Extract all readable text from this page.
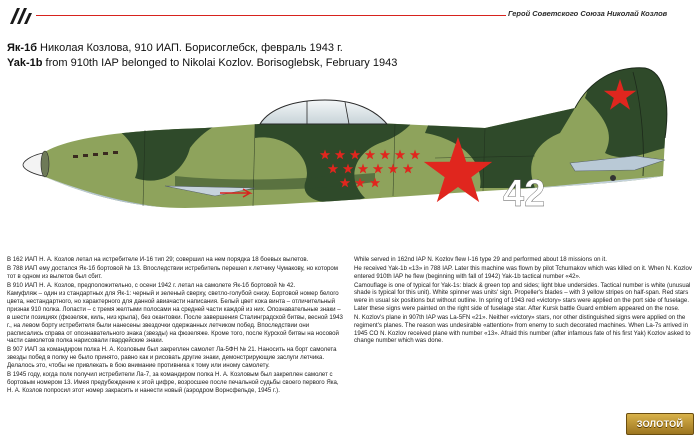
Герой Советского Союза Николай Козлов
Як-1б Николая Козлова, 910 ИАП. Борисоглебск, февраль 1943 г.
Yak-1b from 910th IAP belonged to Nikolai Kozlov. Borisoglebsk, February 1943
42

В 162 ИАП Н. А. Козлов летал на истребителе И-16 тип 29; совершил на нем порядка 18 боевых вылетов.

В 788 ИАП ему достался Як-1б бортовой № 13. Впоследствии истребитель перешел к летчику Чумакову, но котором тот в одном из вылетов был сбит.

В 910 ИАП Н. А. Козлов, предположительно, с осени 1942 г. летал на самолете Як-1б бортовой № 42.

Камуфляж – один из стандартных для Як-1: черный и зеленый сверху, светло-голубой снизу. Бортовой номер белого цвета, нестандартного, но характерного для данной авиачасти написания. Белый цвет кока винта – отличительный признак 910 полка. Лопасти – с тремя желтыми полосами на средней части каждой из них. Опознавательные знаки – в шести позициях (фюзеляж, киль, низ крыла), без окантовки. После завершения Сталинградской битвы, весной 1943 г., на левом борту истребителя были нанесены звездочки одержанных летчиком побед. Впоследствии они расписались справа от опознавательного знака (звезды) на фюзеляже. Кроме того, после Курской битвы на носовой части самолетов полка нарисовали гвардейские знаки.

В 907 ИАП за командиром полка Н. А. Козловым был закреплен самолет Ла-5ФН № 21. Наносить на борт самолета звезды побед в полку не было принято, равно как и рисовать другие знаки, демонстрирующие заслуги летчика. Делалось это, чтобы не привлекать в бою внимание противника к тому или иному самолету.

В 1945 году, когда полк получил истребители Ла-7, за командиром полка Н. А. Козловым был закреплен самолет с бортовым номером 13. Имея предубеждение к этой цифре, возросшее после печальной судьбы своего первого Яка, Н. А. Козлов попросил этот номер закрасить и нанести новый (аэродром Ворнсфельде, 1945 г.).

While served in 162nd IAP N. Kozlov flew I-16 type 29 and performed about 18 missions on it.

He received Yak-1b «13» in 788 IAP. Later this machine was flown by pilot Tchumakov which was killed on it. When N. Kozlov entered 910th IAP he flew (beginning with fall of 1942) Yak-1b tactical number «42».

Camouflage is one of typical for Yak-1s: black & green top and sides; light blue undersides. Tactical number is white (unusual shade is typical for this unit). White spinner was units' sign. Propeller's blades – with 3 yellow stripes on half-span. Red stars were in usual six positions but without outline. In spring of 1943 red «victory» stars were applied on the port side of fuselage. Later these signs were painted on the right side of fuselage star. After Kursk battle Guard emblem appeared on the nose.

N. Kozlov's plane in 907th IAP was La-5FN «21». Neither «victory» stars, nor other distinguished signs were applied on the regiment's planes. The reason was undesirable «attention» from enemy to such decorated machines. When La-7s arrived in 1945 CO N. Kozlov received plane with number «13». Afraid this number (after infamous fate of his first Yak) Kozlov asked to change number which was done.

ЗОЛОТОЙ
